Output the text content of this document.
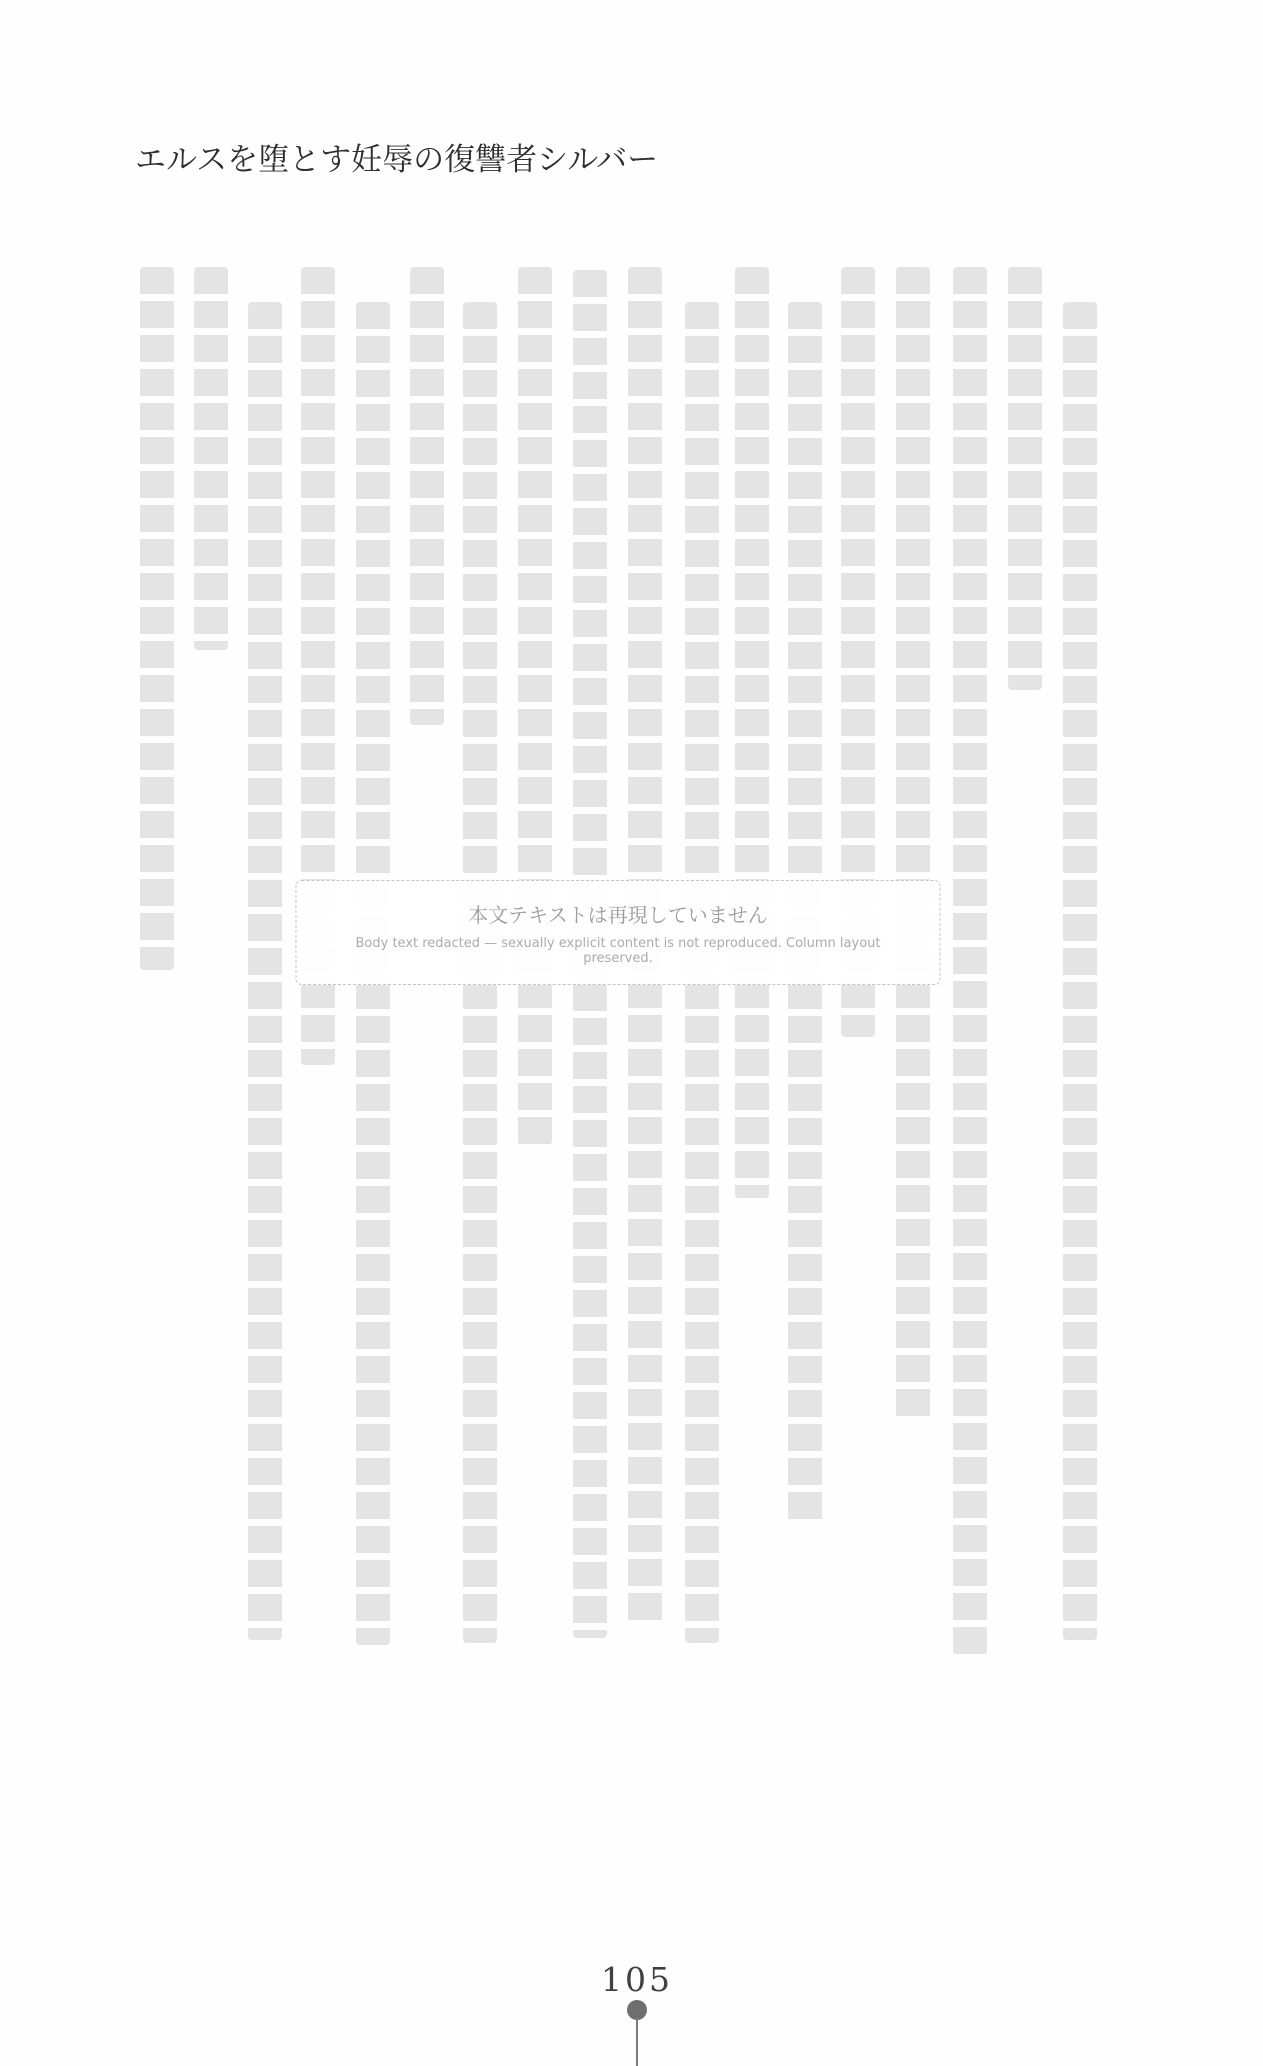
エルスを堕とす妊辱の復讐者シルバー

本文テキストは再現していません

Body text redacted — sexually explicit content is not reproduced. Column layout preserved.

105
